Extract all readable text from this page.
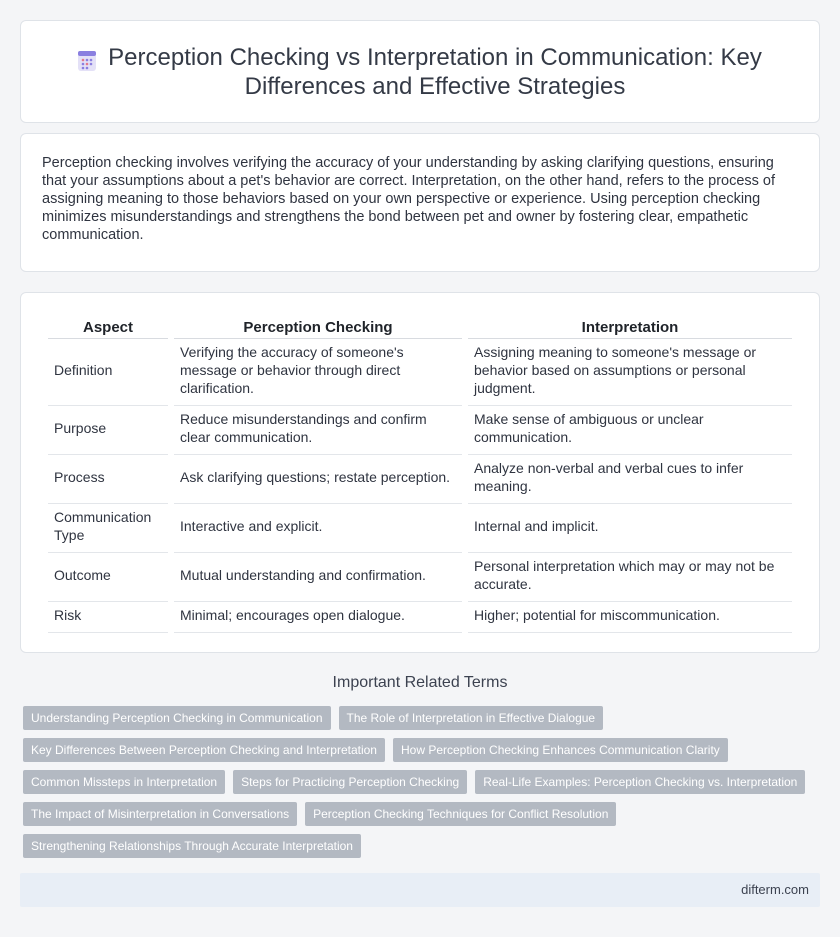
Perception Checking vs Interpretation in Communication: Key Differences and Effective Strategies

Perception checking involves verifying the accuracy of your understanding by asking clarifying questions, ensuring that your assumptions about a pet's behavior are correct. Interpretation, on the other hand, refers to the process of assigning meaning to those behaviors based on your own perspective or experience. Using perception checking minimizes misunderstandings and strengthens the bond between pet and owner by fostering clear, empathetic communication.

Aspect	Perception Checking	Interpretation
Definition	Verifying the accuracy of someone's message or behavior through direct clarification.	Assigning meaning to someone's message or behavior based on assumptions or personal judgment.
Purpose	Reduce misunderstandings and confirm clear communication.	Make sense of ambiguous or unclear communication.
Process	Ask clarifying questions; restate perception.	Analyze non-verbal and verbal cues to infer meaning.
Communication Type	Interactive and explicit.	Internal and implicit.
Outcome	Mutual understanding and confirmation.	Personal interpretation which may or may not be accurate.
Risk	Minimal; encourages open dialogue.	Higher; potential for miscommunication.
Important Related Terms
Understanding Perception Checking in Communication	The Role of Interpretation in Effective Dialogue
Key Differences Between Perception Checking and Interpretation	How Perception Checking Enhances Communication Clarity
Common Missteps in Interpretation	Steps for Practicing Perception Checking	Real-Life Examples: Perception Checking vs. Interpretation
The Impact of Misinterpretation in Conversations	Perception Checking Techniques for Conflict Resolution
Strengthening Relationships Through Accurate Interpretation
difterm.com
